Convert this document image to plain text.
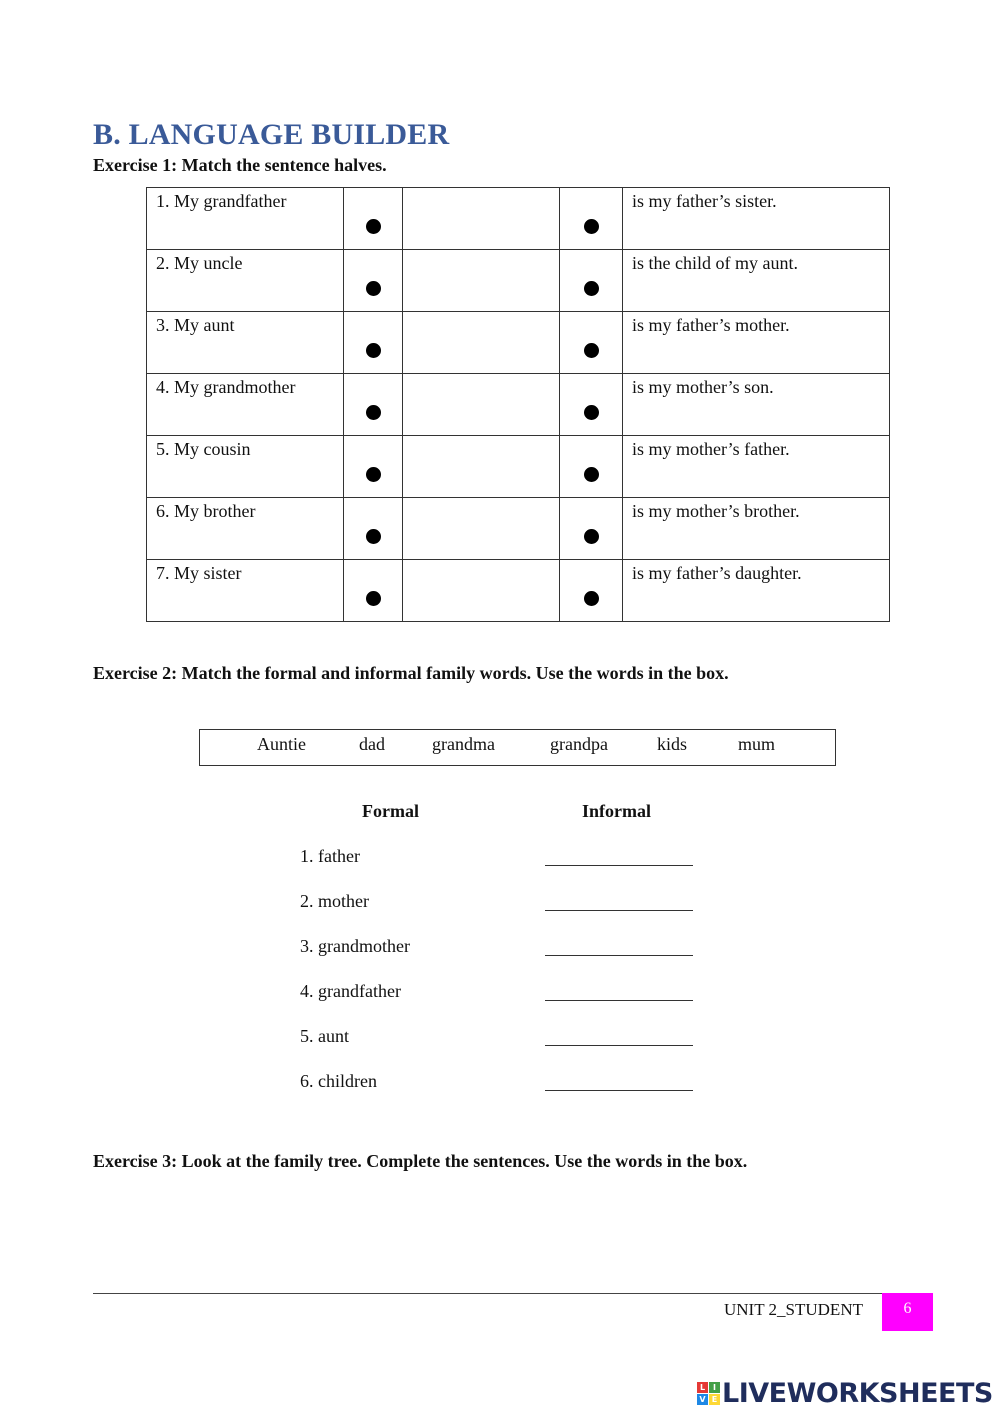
B. LANGUAGE BUILDER

Exercise 1: Match the sentence halves.

1. My grandfather				is my father’s sister.
2. My uncle				is the child of my aunt.
3. My aunt				is my father’s mother.
4. My grandmother				is my mother’s son.
5. My cousin				is my mother’s father.
6. My brother				is my mother’s brother.
7. My sister				is my father’s daughter.

Exercise 2: Match the formal and informal family words. Use the words in the box.

Auntie	dad	grandma	grandpa	kids	mum
Formal	Informal
1. father
2. mother
3. grandmother
4. grandfather
5. aunt
6. children

Exercise 3: Look at the family tree. Complete the sentences. Use the words in the box.

UNIT 2_STUDENT	6
L I
V E LIVEWORKSHEETS
